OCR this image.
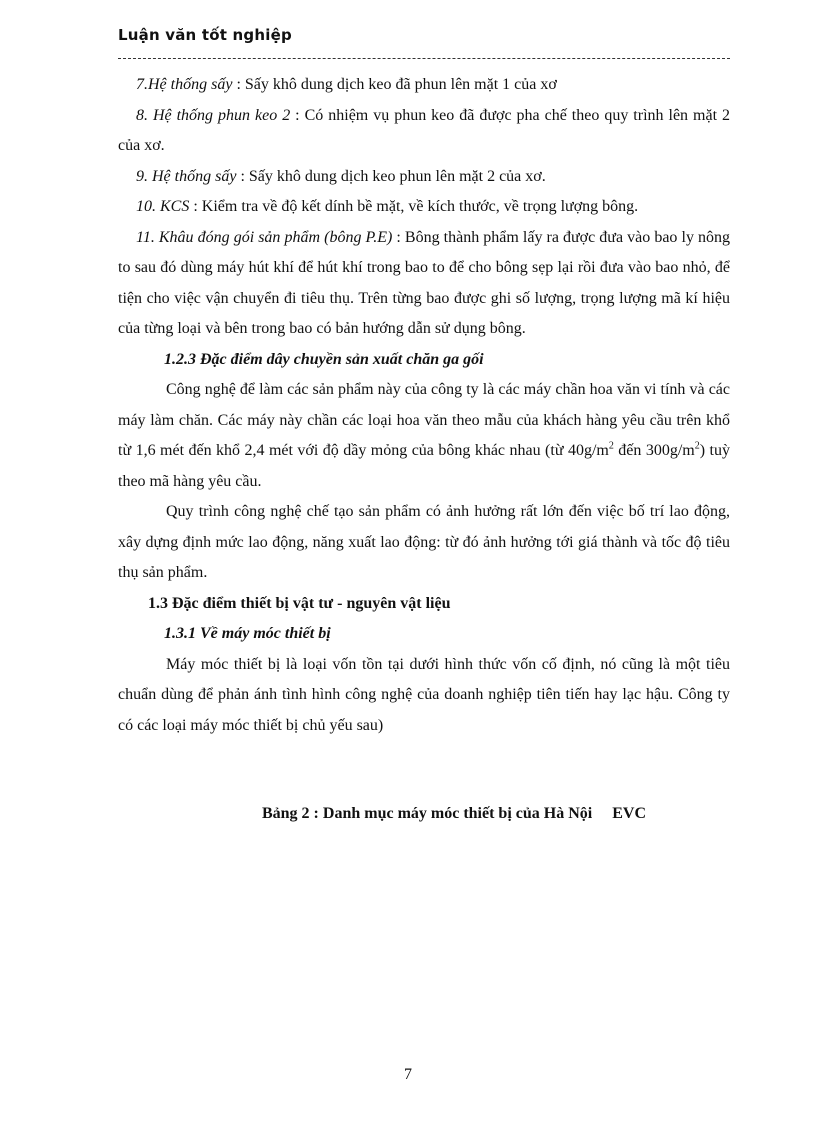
Luận văn tốt nghiệp

7.Hệ thống sấy : Sấy khô dung dịch keo đã phun lên mặt 1 của xơ

8. Hệ thống phun keo 2 : Có nhiệm vụ phun keo đã được pha chế theo quy trình lên mặt 2 của xơ.

9. Hệ thống sấy : Sấy khô dung dịch keo phun lên mặt 2 của xơ.

10. KCS : Kiểm tra về độ kết dính bề mặt, về kích thước, về trọng lượng bông.

11. Khâu đóng gói sản phẩm (bông P.E) : Bông thành phẩm lấy ra được đưa vào bao ly nông to sau đó dùng máy hút khí để hút khí trong bao to để cho bông sẹp lại rồi đưa vào bao nhỏ, để tiện cho việc vận chuyển đi tiêu thụ. Trên từng bao được ghi số lượng, trọng lượng mã kí hiệu của từng loại và bên trong bao có bản hướng dẫn sử dụng bông.

1.2.3 Đặc điểm dây chuyền sản xuất chăn ga gối

Công nghệ để làm các sản phẩm này của công ty là các máy chần hoa văn vi tính và các máy làm chăn. Các máy này chần các loại hoa văn theo mẫu của khách hàng yêu cầu trên khổ từ 1,6 mét đến khổ 2,4 mét với độ dầy mỏng của bông khác nhau (từ $40g/m^2$ đến $300g/m^2$) tuỳ theo mã hàng yêu cầu.

Quy trình công nghệ chế tạo sản phẩm có ảnh hưởng rất lớn đến việc bố trí lao động, xây dựng định mức lao động, năng xuất lao động: từ đó ảnh hưởng tới giá thành và tốc độ tiêu thụ sản phẩm.

1.3 Đặc điểm thiết bị vật tư - nguyên vật liệu

1.3.1 Về máy móc thiết bị

Máy móc thiết bị là loại vốn tồn tại dưới hình thức vốn cố định, nó cũng là một tiêu chuẩn dùng để phản ánh tình hình công nghệ của doanh nghiệp tiên tiến hay lạc hậu. Công ty có các loại máy móc thiết bị chủ yếu sau)

Bảng 2 : Danh mục máy móc thiết bị của Hà Nội     EVC

7
